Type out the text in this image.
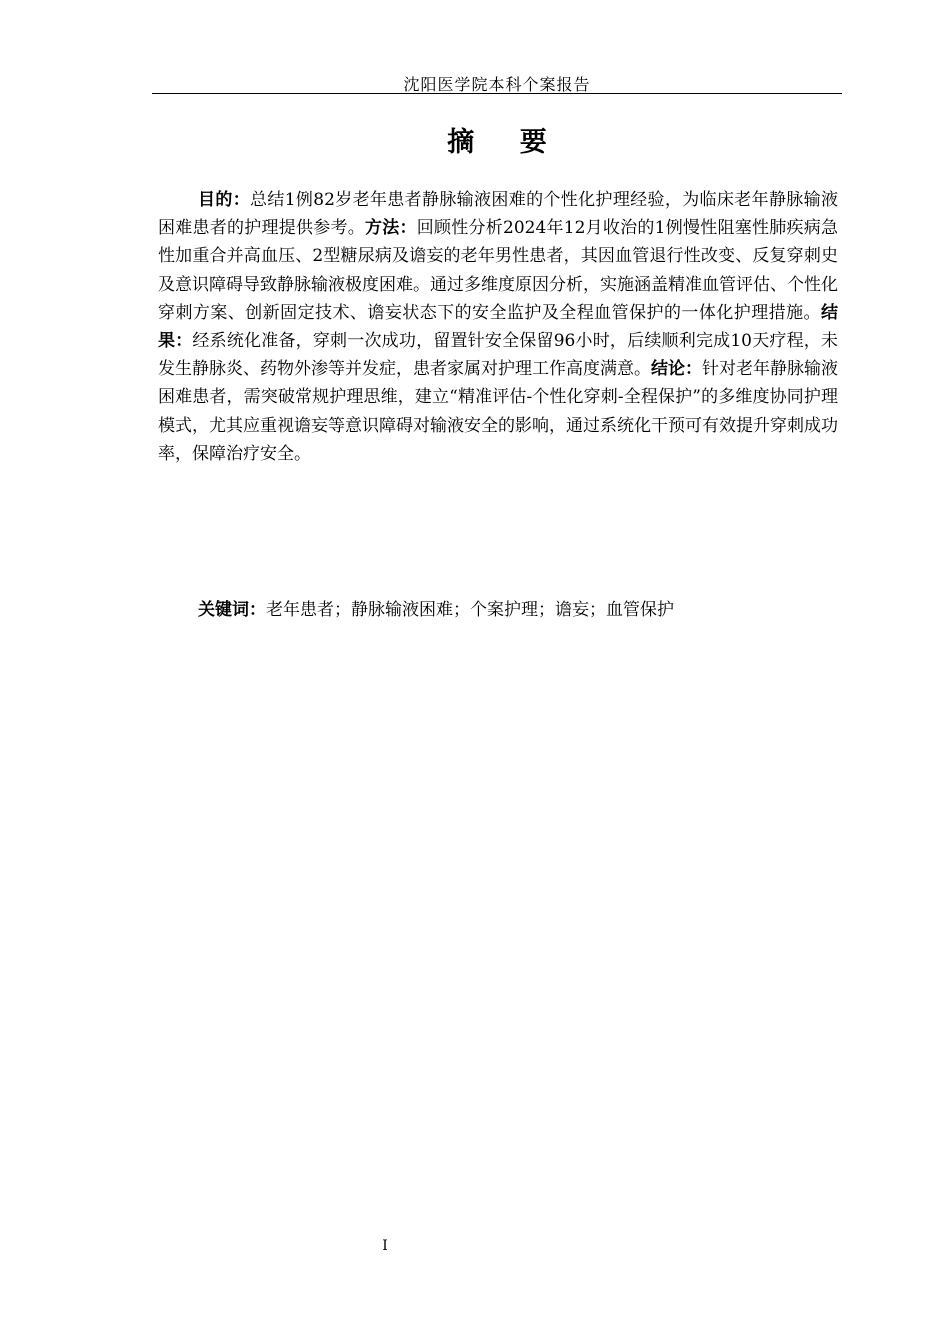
沈阳医学院本科个案报告
摘 要

目的：总结1例82岁老年患者静脉输液困难的个性化护理经验，为临床老年静脉输液困难患者的护理提供参考。方法：回顾性分析2024年12月收治的1例慢性阻塞性肺疾病急性加重合并高血压、2型糖尿病及谵妄的老年男性患者，其因血管退行性改变、反复穿刺史及意识障碍导致静脉输液极度困难。通过多维度原因分析，实施涵盖精准血管评估、个性化穿刺方案、创新固定技术、谵妄状态下的安全监护及全程血管保护的一体化护理措施。结果：经系统化准备，穿刺一次成功，留置针安全保留96小时，后续顺利完成10天疗程，未发生静脉炎、药物外渗等并发症，患者家属对护理工作高度满意。结论：针对老年静脉输液困难患者，需突破常规护理思维，建立“精准评估-个性化穿刺-全程保护”的多维度协同护理模式，尤其应重视谵妄等意识障碍对输液安全的影响，通过系统化干预可有效提升穿刺成功率，保障治疗安全。

关键词：老年患者；静脉输液困难；个案护理；谵妄；血管保护

I
